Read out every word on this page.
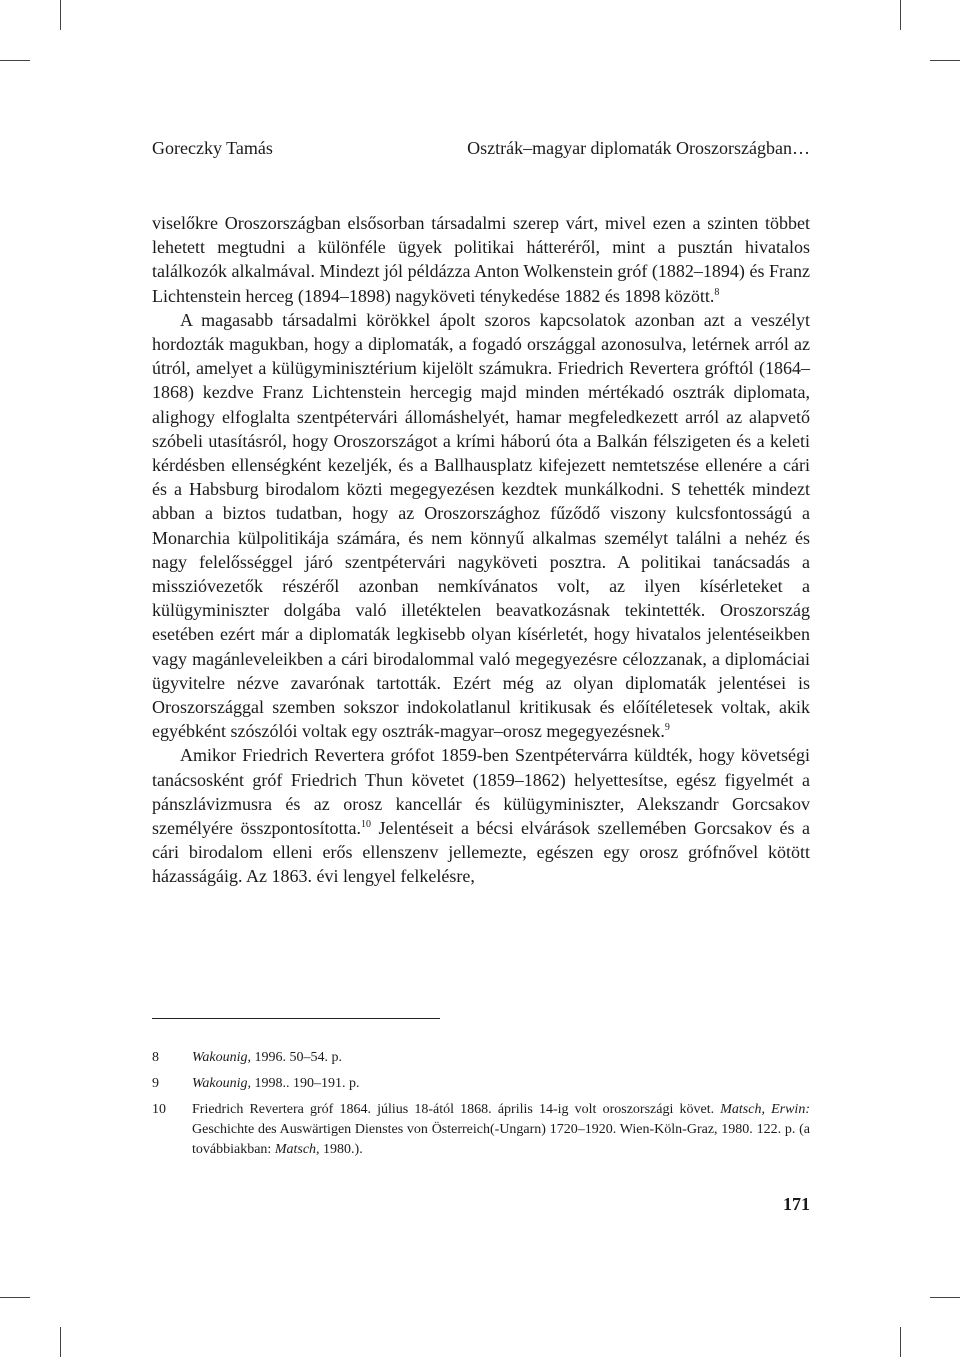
Goreczky Tamás	Osztrák–magyar diplomaták Oroszországban…

viselőkre Oroszországban elsősorban társadalmi szerep várt, mivel ezen a szinten többet lehetett megtudni a különféle ügyek politikai hátteréről, mint a pusztán hivatalos találkozók alkalmával. Mindezt jól példázza Anton Wolkenstein gróf (1882–1894) és Franz Lichtenstein herceg (1894–1898) nagyköveti ténykedése 1882 és 1898 között.$^8$

A magasabb társadalmi körökkel ápolt szoros kapcsolatok azonban azt a veszélyt hordozták magukban, hogy a diplomaták, a fogadó országgal azonosulva, letérnek arról az útról, amelyet a külügyminisztérium kijelölt számukra. Friedrich Revertera gróftól (1864–1868) kezdve Franz Lichtenstein hercegig majd minden mértékadó osztrák diplomata, alighogy elfoglalta szentpétervári állomáshelyét, hamar megfeledkezett arról az alapvető szóbeli utasításról, hogy Oroszországot a krími háború óta a Balkán félszigeten és a keleti kérdésben ellenségként kezeljék, és a Ballhausplatz kifejezett nemtetszése ellenére a cári és a Habsburg birodalom közti megegyezésen kezdtek munkálkodni. S tehették mindezt abban a biztos tudatban, hogy az Oroszországhoz fűződő viszony kulcsfontosságú a Monarchia külpolitikája számára, és nem könnyű alkalmas személyt találni a nehéz és nagy felelősséggel járó szentpétervári nagyköveti posztra. A politikai tanácsadás a misszióvezetők részéről azonban nemkívánatos volt, az ilyen kísérleteket a külügyminiszter dolgába való illetéktelen beavatkozásnak tekintették. Oroszország esetében ezért már a diplomaták legkisebb olyan kísérletét, hogy hivatalos jelentéseikben vagy magánleveleikben a cári birodalommal való megegyezésre célozzanak, a diplomáciai ügyvitelre nézve zavarónak tartották. Ezért még az olyan diplomaták jelentései is Oroszországgal szemben sokszor indokolatlanul kritikusak és előítéletesek voltak, akik egyébként szószólói voltak egy osztrák-magyar–orosz megegyezésnek.$^9$

Amikor Friedrich Revertera grófot 1859-ben Szentpétervárra küldték, hogy követségi tanácsosként gróf Friedrich Thun követet (1859–1862) helyettesítse, egész figyelmét a pánszlávizmusra és az orosz kancellár és külügyminiszter, Alekszandr Gorcsakov személyére összpontosította.$^{10}$ Jelentéseit a bécsi elvárások szellemében Gorcsakov és a cári birodalom elleni erős ellenszenv jellemezte, egészen egy orosz grófnővel kötött házasságáig. Az 1863. évi lengyel felkelésre,

8	Wakounig, 1996. 50–54. p.
9	Wakounig, 1998.. 190–191. p.
10	Friedrich Revertera gróf 1864. július 18-ától 1868. április 14-ig volt oroszországi követ. Matsch, Erwin: Geschichte des Auswärtigen Dienstes von Österreich(-Ungarn) 1720–1920. Wien-Köln-Graz, 1980. 122. p. (a továbbiakban: Matsch, 1980.).
171
